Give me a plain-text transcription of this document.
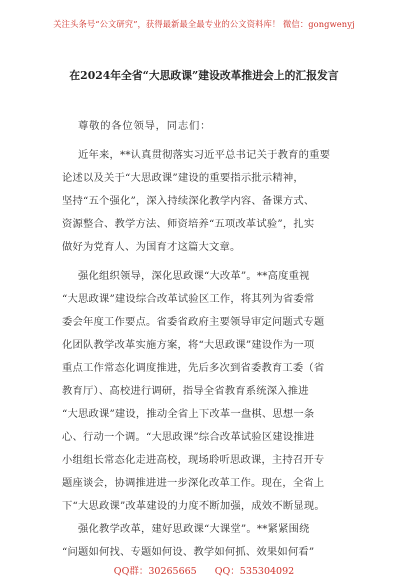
关注头条号“公文研究”，获得最新最全最专业的公文资料库！ 微信：gongwenyj
在2024年全省“大思政课”建设改革推进会上的汇报发言
尊敬的各位领导，同志们：
近年来，**认真贯彻落实习近平总书记关于教育的重要
论述以及关于“大思政课”建设的重要指示批示精神，
坚持“五个强化”，深入持续深化教学内容、备课方式、
资源整合、教学方法、师资培养“五项改革试验”，扎实
做好为党育人、为国育才这篇大文章。
强化组织领导，深化思政课“大改革”。**高度重视
“大思政课”建设综合改革试验区工作，将其列为省委常
委会年度工作要点。省委省政府主要领导审定问题式专题
化团队教学改革实施方案，将“大思政课”建设作为一项
重点工作常态化调度推进，先后多次到省委教育工委（省
教育厅）、高校进行调研，指导全省教育系统深入推进
“大思政课”建设，推动全省上下改革一盘棋、思想一条
心、行动一个调。“大思政课”综合改革试验区建设推进
小组组长常态化走进高校，现场聆听思政课，主持召开专
题座谈会，协调推进进一步深化改革工作。现在，全省上
下“大思政课”改革建设的力度不断加强，成效不断显现。
强化教学改革，建好思政课“大课堂”。**紧紧围绕
“问题如何找、专题如何设、教学如何抓、效果如何看”
QQ群：30265665 QQ：535304092
